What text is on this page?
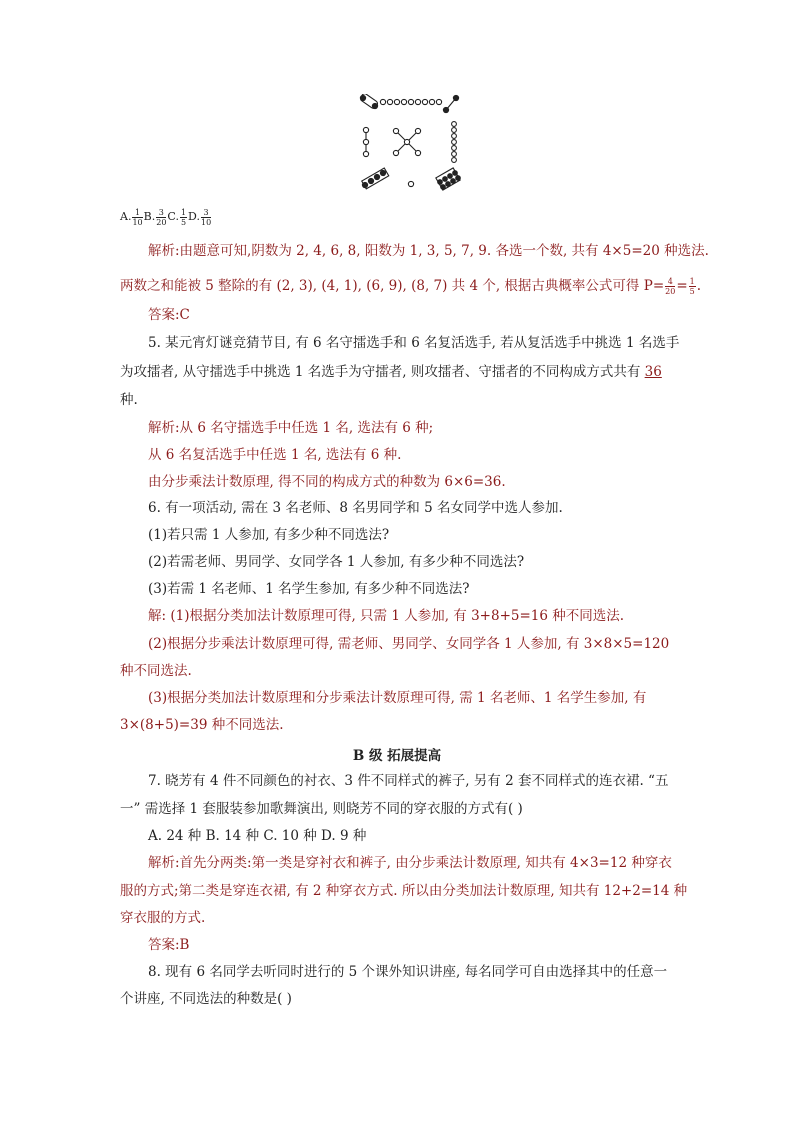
A. $\frac{1}{10} B$. $\frac{3}{20} C$. $\frac{1}{5} D$. $\frac{3}{10}$
解析:由题意可知,阴数为 2, 4, 6, 8, 阳数为 1, 3, 5, 7, 9. 各选一个数, 共有 4×5=20 种选法.
两数之和能被 5 整除的有 (2, 3), (4, 1), (6, 9), (8, 7) 共 4 个, 根据古典概率公式可得 $P= \frac{4}{20} = \frac{1}{5}$ .
答案:C
5. 某元宵灯谜竞猜节目, 有 6 名守擂选手和 6 名复活选手, 若从复活选手中挑选 1 名选手
为攻擂者, 从守擂选手中挑选 1 名选手为守擂者, 则攻擂者、守擂者的不同构成方式共有 36
种.
解析:从 6 名守擂选手中任选 1 名, 选法有 6 种;
从 6 名复活选手中任选 1 名, 选法有 6 种.
由分步乘法计数原理, 得不同的构成方式的种数为 6×6=36.
6. 有一项活动, 需在 3 名老师、8 名男同学和 5 名女同学中选人参加.
(1)若只需 1 人参加, 有多少种不同选法?
(2)若需老师、男同学、女同学各 1 人参加, 有多少种不同选法?
(3)若需 1 名老师、1 名学生参加, 有多少种不同选法?
解: (1)根据分类加法计数原理可得, 只需 1 人参加, 有 3+8+5=16 种不同选法.
(2)根据分步乘法计数原理可得, 需老师、男同学、女同学各 1 人参加, 有 3×8×5=120
种不同选法.
(3)根据分类加法计数原理和分步乘法计数原理可得, 需 1 名老师、1 名学生参加, 有
3×(8+5)=39 种不同选法.
B 级 拓展提高
7. 晓芳有 4 件不同颜色的衬衣、3 件不同样式的裤子, 另有 2 套不同样式的连衣裙. “五
一” 需选择 1 套服装参加歌舞演出, 则晓芳不同的穿衣服的方式有( )
A. 24 种 B. 14 种 C. 10 种 D. 9 种
解析:首先分两类:第一类是穿衬衣和裤子, 由分步乘法计数原理, 知共有 4×3=12 种穿衣
服的方式;第二类是穿连衣裙, 有 2 种穿衣方式. 所以由分类加法计数原理, 知共有 12+2=14 种
穿衣服的方式.
答案:B
8. 现有 6 名同学去听同时进行的 5 个课外知识讲座, 每名同学可自由选择其中的任意一
个讲座, 不同选法的种数是( )
